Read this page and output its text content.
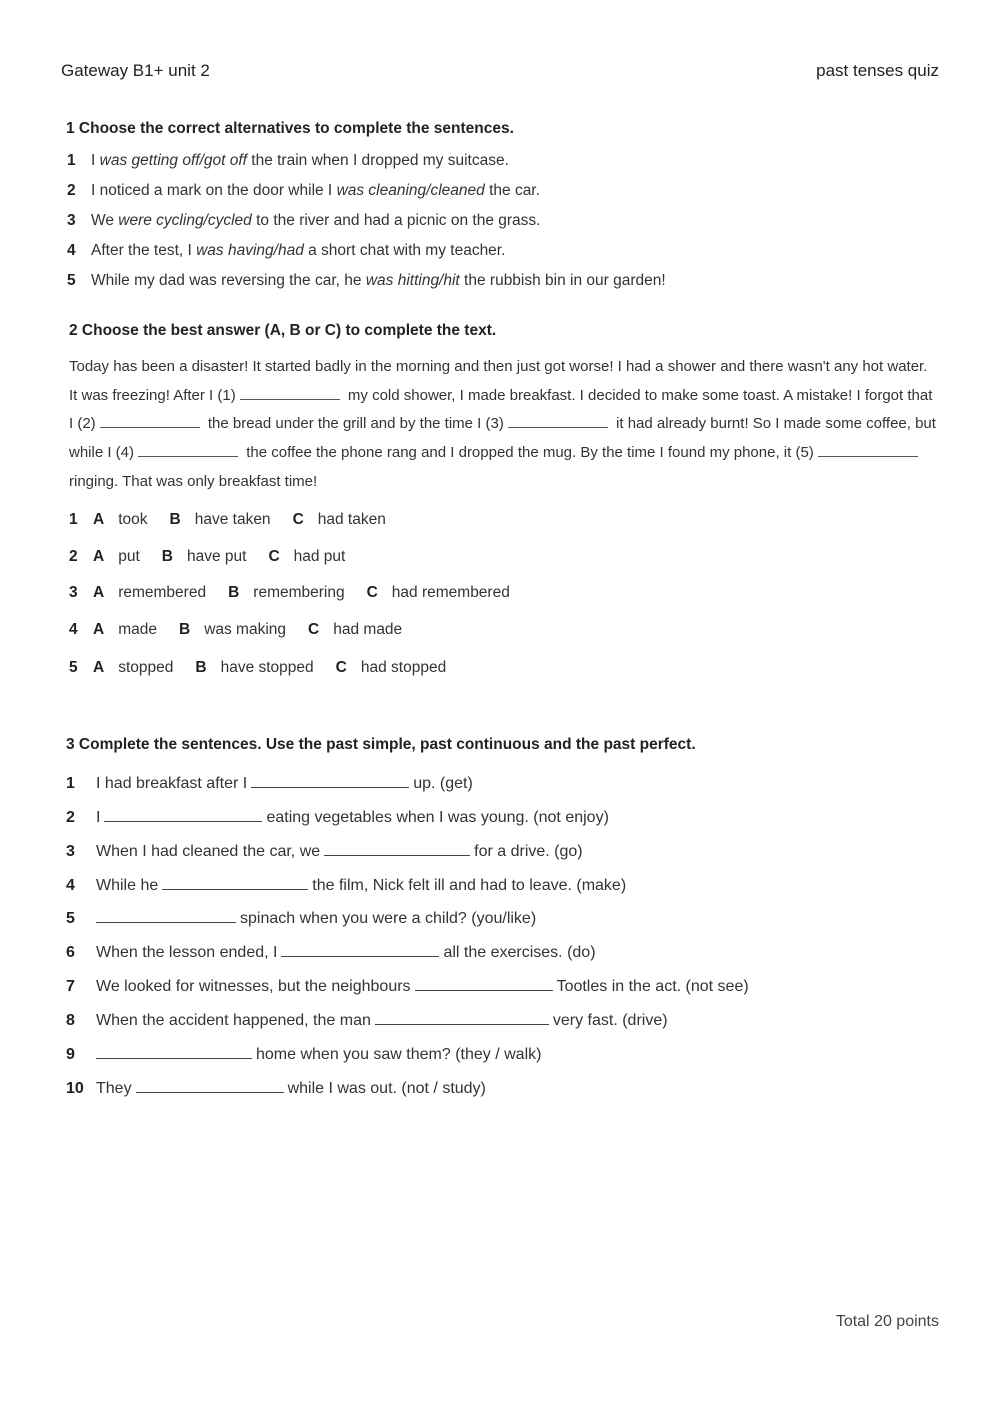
Gateway B1+ unit 2	past tenses quiz
1 Choose the correct alternatives to complete the sentences.
1 I was getting off/got off the train when I dropped my suitcase.
2 I noticed a mark on the door while I was cleaning/cleaned the car.
3 We were cycling/cycled to the river and had a picnic on the grass.
4 After the test, I was having/had a short chat with my teacher.
5 While my dad was reversing the car, he was hitting/hit the rubbish bin in our garden!
2 Choose the best answer (A, B or C) to complete the text.
Today has been a disaster! It started badly in the morning and then just got worse! I had a shower and there wasn't any hot water. It was freezing! After I (1)	my cold shower, I made breakfast. I decided to make some toast. A mistake! I forgot that I (2)	the bread under the grill and by the time I (3)	it had already burnt! So I made some coffee, but while I (4)	the coffee the phone rang and I dropped the mug. By the time I found my phone, it (5) ringing. That was only breakfast time!
1 A took B have taken C had taken
2 A put B have put C had put
3 A remembered B remembering C had remembered
4 A made B was making C had made
5 A stopped B have stopped C had stopped
3 Complete the sentences. Use the past simple, past continuous and the past perfect.
1 I had breakfast after I	up. (get)
2 I	eating vegetables when I was young. (not enjoy)
3 When I had cleaned the car, we	for a drive. (go)
4 While he	the film, Nick felt ill and had to leave. (make)
5	spinach when you were a child? (you/like)
6 When the lesson ended, I	all the exercises. (do)
7 We looked for witnesses, but the neighbours	Tootles in the act. (not see)
8 When the accident happened, the man	very fast. (drive)
9	home when you saw them? (they / walk)
10 They	while I was out. (not / study)
Total 20 points
